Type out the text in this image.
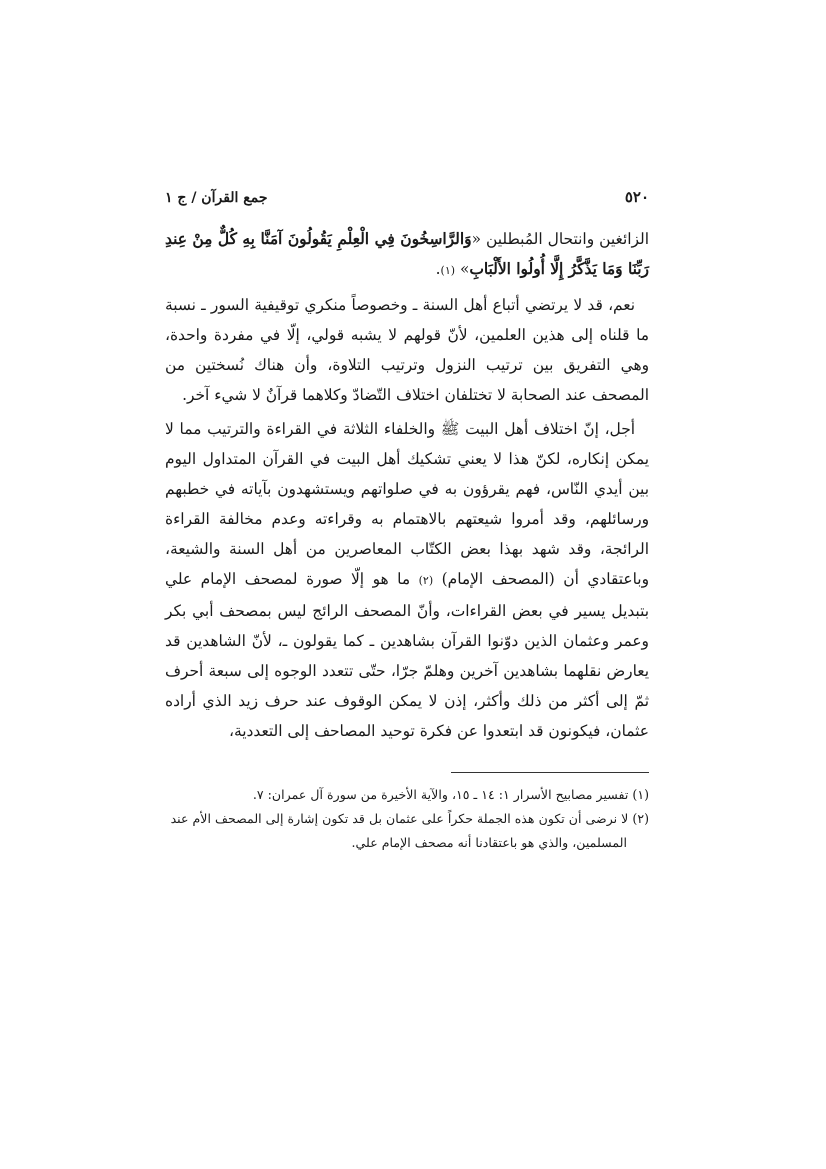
٥٢٠
جمع القرآن / ج ١

الزائغين وانتحال المُبطلين «وَالرَّاسِخُونَ فِي الْعِلْمِ يَقُولُونَ آمَنَّا بِهِ كُلٌّ مِنْ عِندِ رَبِّنَا وَمَا يَذَّكَّرُ إِلَّا أُولُوا الأَلْبَابِ» (١).

نعم، قد لا يرتضي أتباع أهل السنة ـ وخصوصاً منكري توقيفية السور ـ نسبة ما قلناه إلى هذين العلمين، لأنّ قولهم لا يشبه قولي، إلّا في مفردة واحدة، وهي التفريق بين ترتيب النزول وترتيب التلاوة، وأن هناك نُسختين من المصحف عند الصحابة لا تختلفان اختلاف التّضادّ وكلاهما قرآنٌ لا شيء آخر.

أجل، إنّ اختلاف أهل البيت ﷺ والخلفاء الثلاثة في القراءة والترتيب مما لا يمكن إنكاره، لكنّ هذا لا يعني تشكيك أهل البيت في القرآن المتداول اليوم بين أيدي النّاس، فهم يقرؤون به في صلواتهم ويستشهدون بآياته في خطبهم ورسائلهم، وقد أمروا شيعتهم بالاهتمام به وقراءته وعدم مخالفة القراءة الرائجة، وقد شهد بهذا بعض الكتّاب المعاصرين من أهل السنة والشيعة، وباعتقادي أن (المصحف الإمام) (٢) ما هو إلّا صورة لمصحف الإمام علي بتبديل يسير في بعض القراءات، وأنّ المصحف الرائج ليس بمصحف أبي بكر وعمر وعثمان الذين دوّنوا القرآن بشاهدين ـ كما يقولون ـ، لأنّ الشاهدين قد يعارض نقلهما بشاهدين آخرين وهلمّ جرّا، حتّى تتعدد الوجوه إلى سبعة أحرف ثمّ إلى أكثر من ذلك وأكثر، إذن لا يمكن الوقوف عند حرف زيد الذي أراده عثمان، فيكونون قد ابتعدوا عن فكرة توحيد المصاحف إلى التعددية،

(١) تفسير مصابيح الأسرار ١: ١٤ ـ ١٥، والآية الأخيرة من سورة آل عمران: ٧.

(٢) لا نرضى أن تكون هذه الجملة حكراً على عثمان بل قد تكون إشارة إلى المصحف الأم عند
المسلمين، والذي هو باعتقادنا أنه مصحف الإمام علي.
